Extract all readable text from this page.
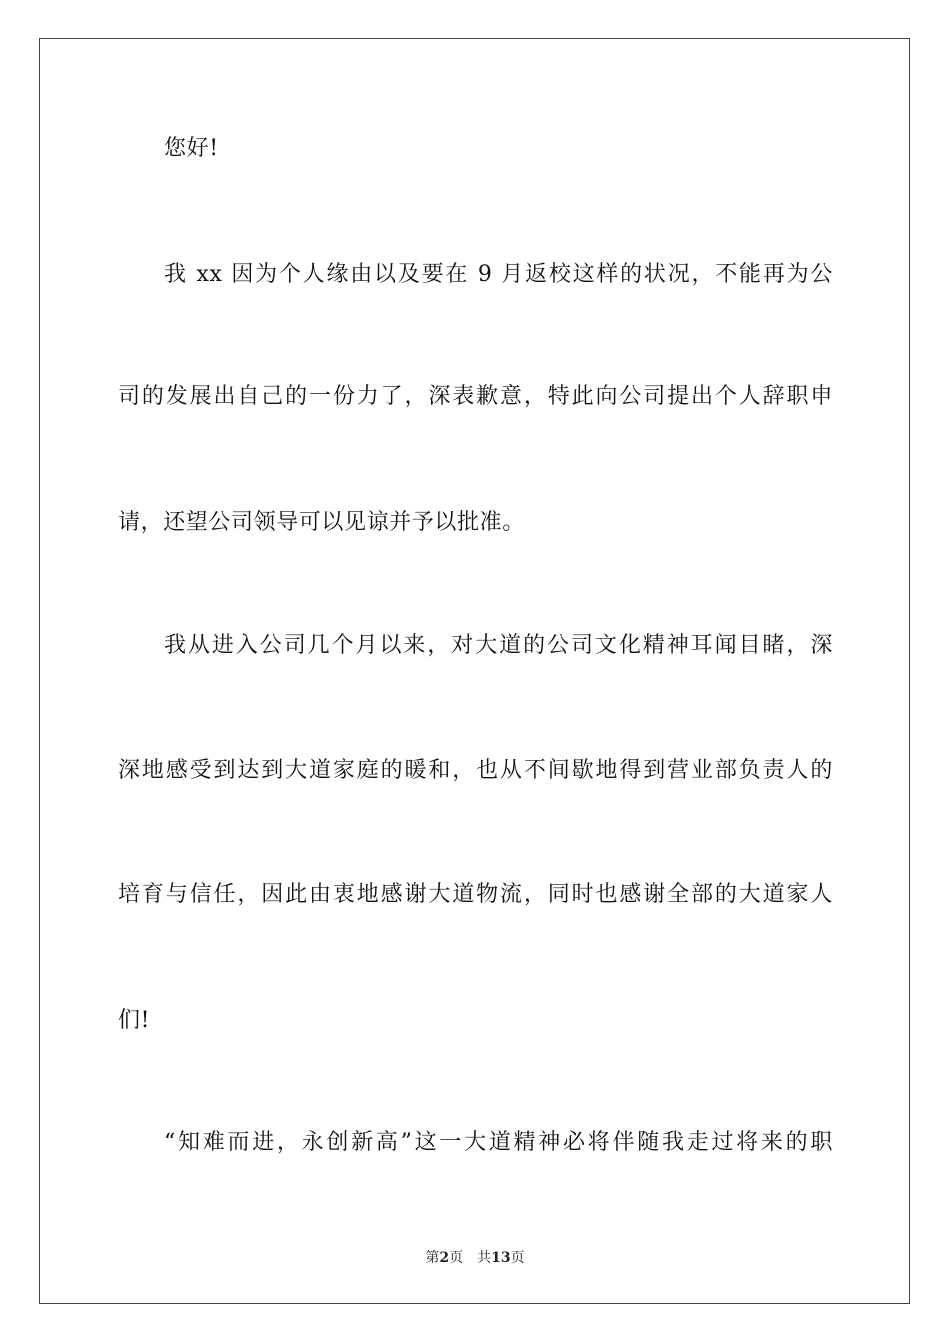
您好!
我 xx 因为个人缘由以及要在 9 月返校这样的状况，不能再为公
司的发展出自己的一份力了，深表歉意，特此向公司提出个人辞职申
请，还望公司领导可以见谅并予以批准。
我从进入公司几个月以来，对大道的公司文化精神耳闻目睹，深
深地感受到达到大道家庭的暖和，也从不间歇地得到营业部负责人的
培育与信任，因此由衷地感谢大道物流，同时也感谢全部的大道家人
们!
“知难而进，永创新高”这一大道精神必将伴随我走过将来的职
第2页 共13页
